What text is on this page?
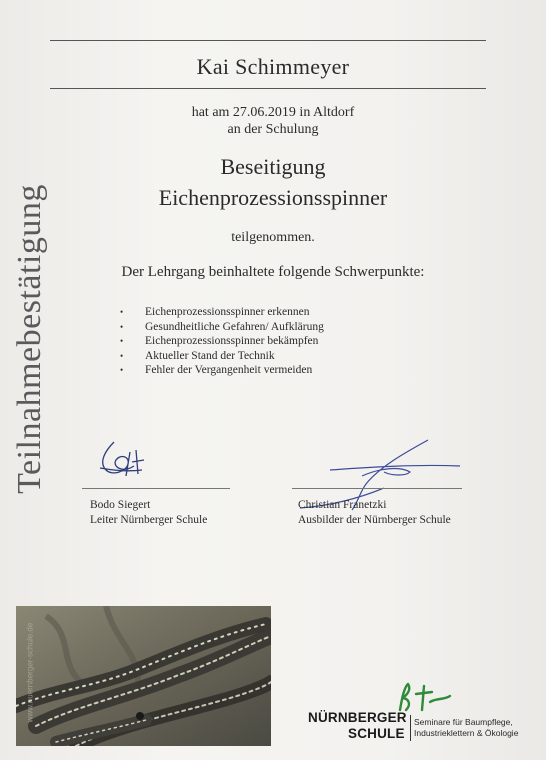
Teilnahmebestätigung
Kai Schimmeyer
hat am 27.06.2019 in Altdorf
an der Schulung
Beseitigung
Eichenprozessionsspinner
teilgenommen.
Der Lehrgang beinhaltete folgende Schwerpunkte:
• Eichenprozessionsspinner erkennen
• Gesundheitliche Gefahren/ Aufklärung
• Eichenprozessionsspinner bekämpfen
• Aktueller Stand der Technik
• Fehler der Vergangenheit vermeiden
Bodo Siegert
Leiter Nürnberger Schule
Christian Franetzki
Ausbilder der Nürnberger Schule
www.nuernberger-schule.de	NÜRNBERGER
SCHULE
Seminare für Baumpflege,
Industrieklettern & Ökologie
